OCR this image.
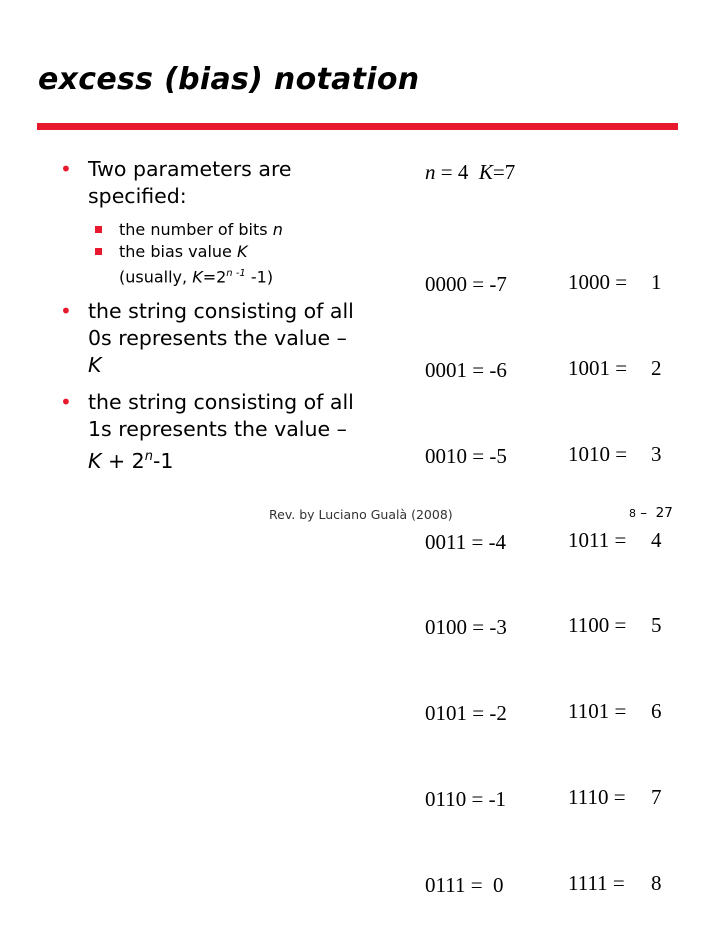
excess (bias) notation
• Two parameters are specified:
the number of bits n
the bias value K
(usually, $K=2^{n -1}$ -1)
• the string consisting of all 0s represents the value –K
• the string consisting of all 1s represents the value $-K + 2^n-1$
n = 4  K=7

0000 = -7

0001 = -6

0010 = -5

0011 = -4

0100 = -3

0101 = -2

0110 = -1

0111 =  0

1000 =

1001 =

1010 =

1011 =

1100 =

1101 =

1110 =

1111 =

1

2

3

4

5

6

7

8

Rev. by Luciano Gualà (2008)	8 –  27
